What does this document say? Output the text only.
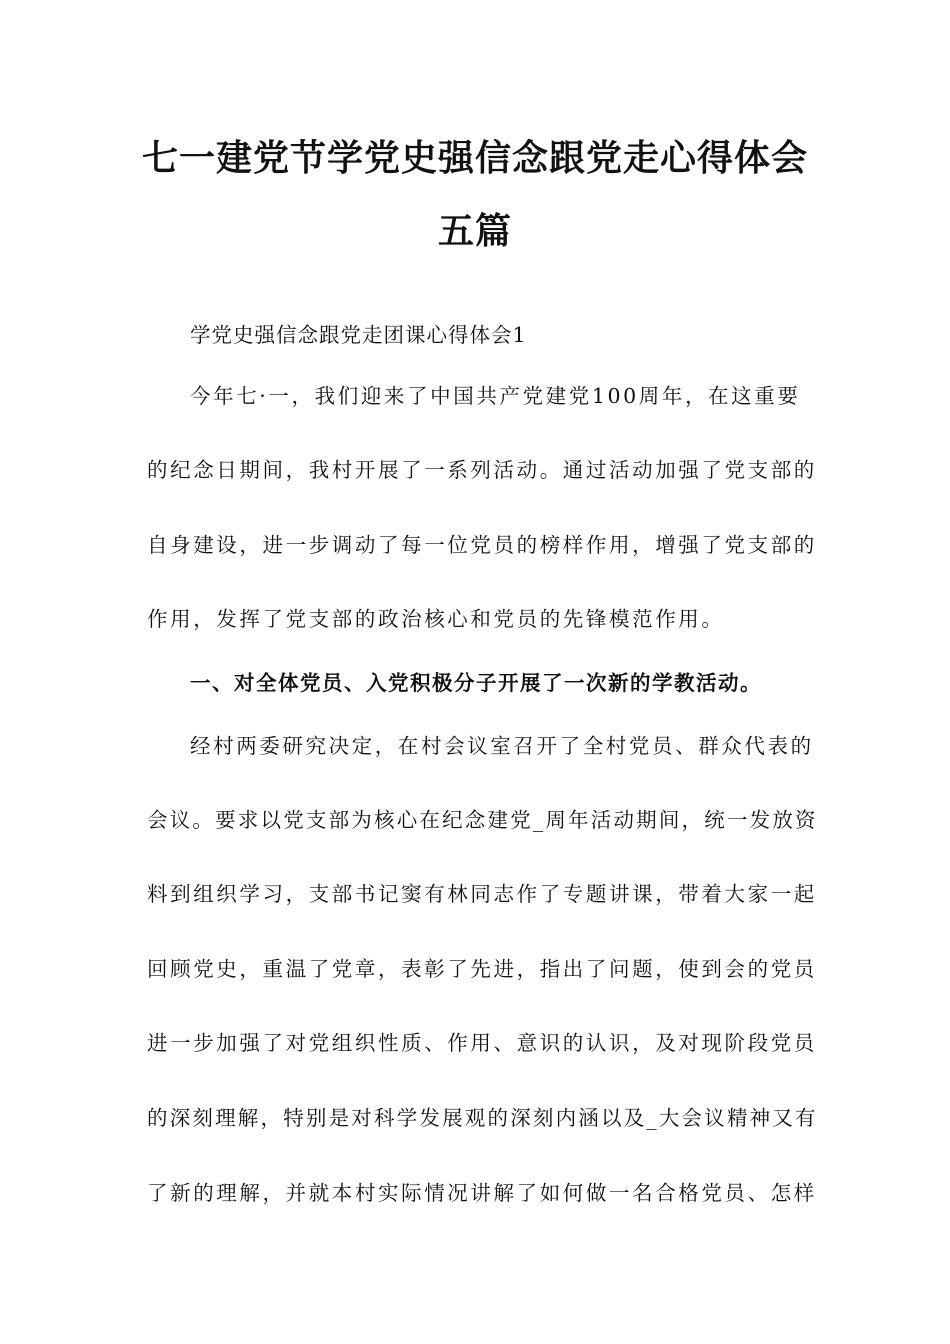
七一建党节学党史强信念跟党走心得体会
五篇
学党史强信念跟党走团课心得体会1
今年七·一，我们迎来了中国共产党建党100周年，在这重要
的纪念日期间，我村开展了一系列活动。通过活动加强了党支部的
自身建设，进一步调动了每一位党员的榜样作用，增强了党支部的
作用，发挥了党支部的政治核心和党员的先锋模范作用。
一、对全体党员、入党积极分子开展了一次新的学教活动。
经村两委研究决定，在村会议室召开了全村党员、群众代表的
会议。要求以党支部为核心在纪念建党_周年活动期间，统一发放资
料到组织学习，支部书记窦有林同志作了专题讲课，带着大家一起
回顾党史，重温了党章，表彰了先进，指出了问题，使到会的党员
进一步加强了对党组织性质、作用、意识的认识，及对现阶段党员
的深刻理解，特别是对科学发展观的深刻内涵以及_大会议精神又有
了新的理解，并就本村实际情况讲解了如何做一名合格党员、怎样
